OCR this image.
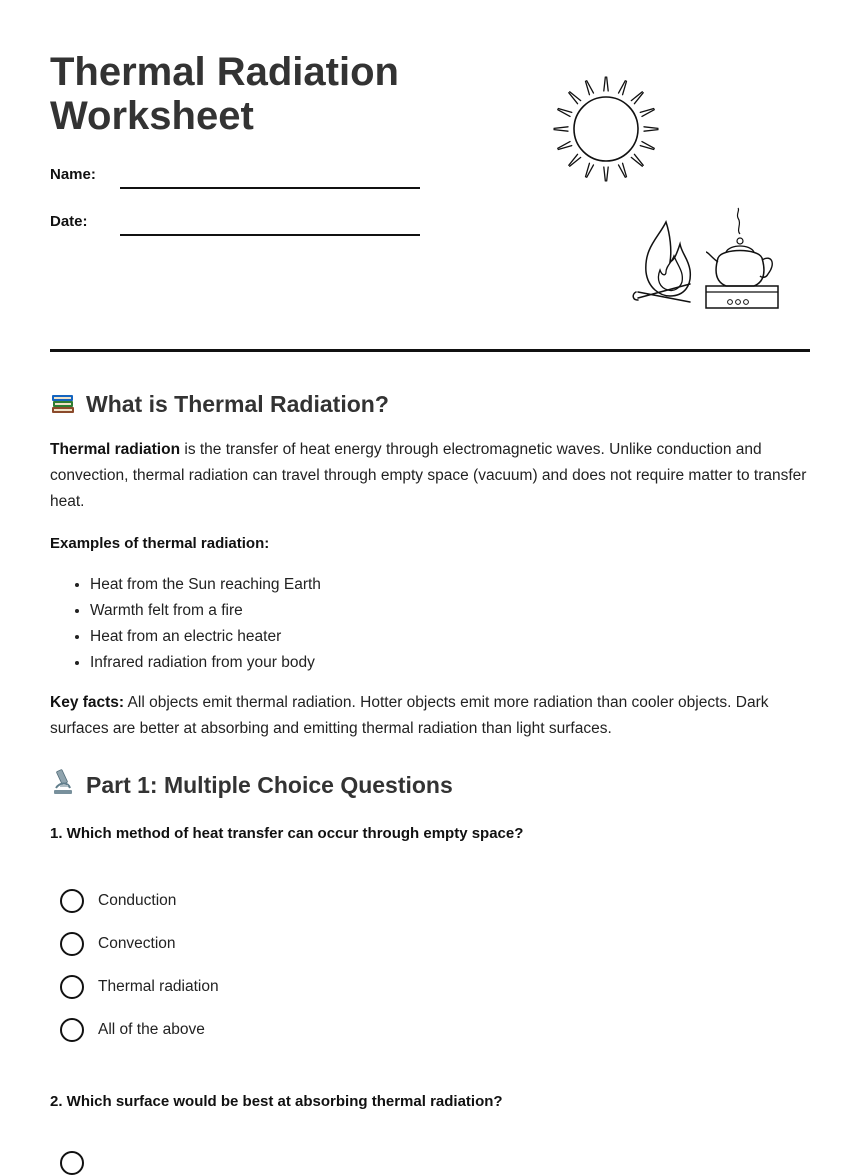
Thermal Radiation Worksheet
Name:
Date:
What is Thermal Radiation?

Thermal radiation is the transfer of heat energy through electromagnetic waves. Unlike conduction and convection, thermal radiation can travel through empty space (vacuum) and does not require matter to transfer heat.

Examples of thermal radiation:

• Heat from the Sun reaching Earth
• Warmth felt from a fire
• Heat from an electric heater
• Infrared radiation from your body

Key facts: All objects emit thermal radiation. Hotter objects emit more radiation than cooler objects. Dark surfaces are better at absorbing and emitting thermal radiation than light surfaces.

Part 1: Multiple Choice Questions

1. Which method of heat transfer can occur through empty space?

Conduction
Convection
Thermal radiation
All of the above

2. Which surface would be best at absorbing thermal radiation?
